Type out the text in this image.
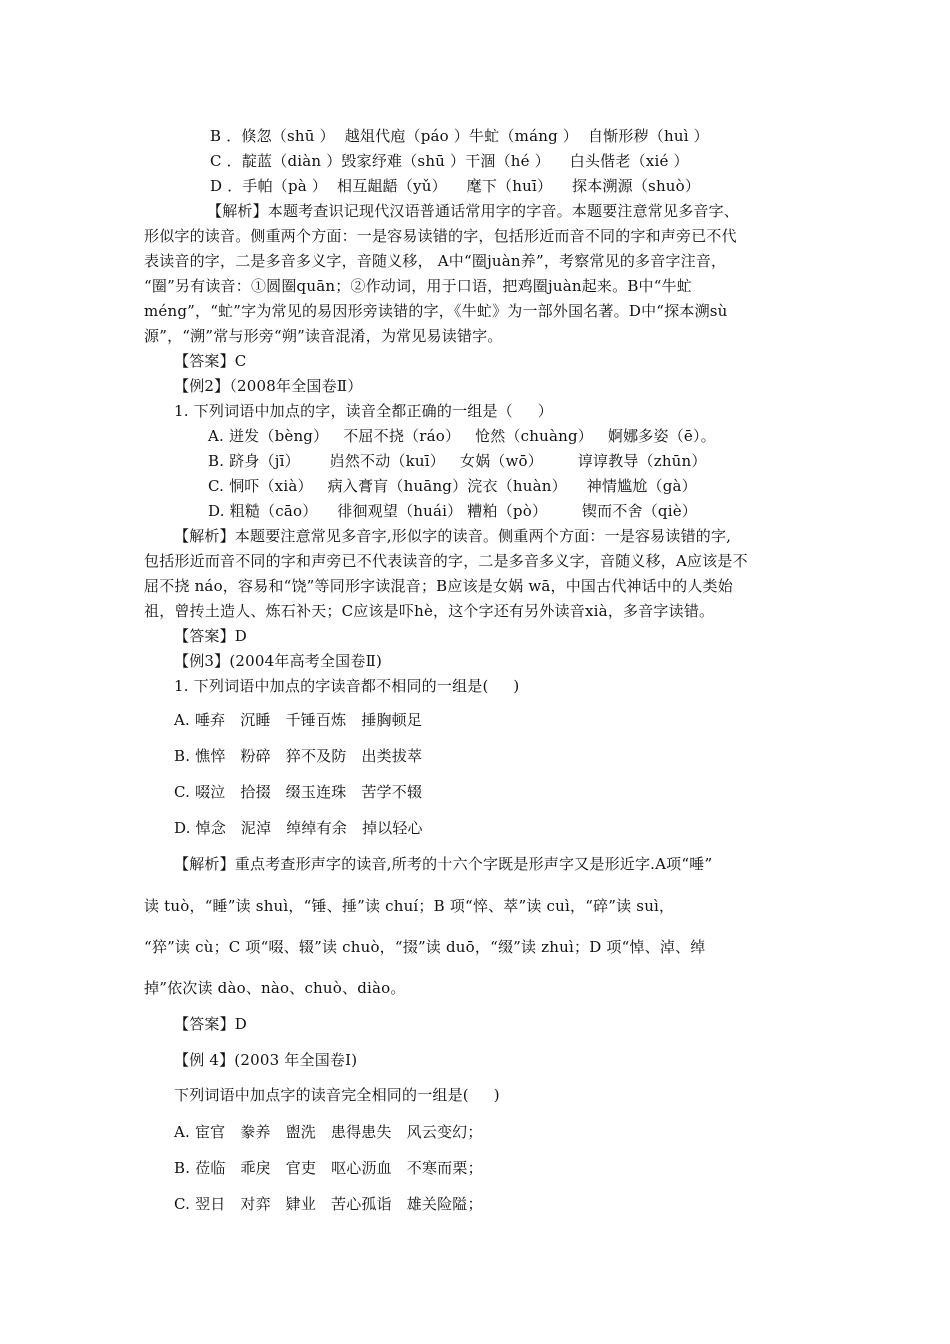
B ．倏忽（shū ）  越俎代庖（páo ）牛虻（máng ）  自惭形秽（huì ）
C ．靛蓝（diàn ）毁家纾难（shū ）干涸（hé ）    白头偕老（xié ）
D ．手帕（pà ）  相互龃龉（yǔ）    麾下（huī）    探本溯源（shuò）
【解析】本题考查识记现代汉语普通话常用字的字音。本题要注意常见多音字、
形似字的读音。侧重两个方面：一是容易读错的字，包括形近而音不同的字和声旁已不代
表读音的字，二是多音多义字，音随义移， A中“圈juàn养”，考察常见的多音字注音，
“圈”另有读音：①圆圈quān；②作动词，用于口语，把鸡圈juàn起来。B中“牛虻
méng”，“虻”字为常见的易因形旁读错的字，《牛虻》为一部外国名著。D中“探本溯sù
源”，“溯”常与形旁“朔”读音混淆，为常见易读错字。
【答案】C
【例2】（2008年全国卷Ⅱ）
1. 下列词语中加点的字，读音全都正确的一组是（     ）
A. 迸发（bèng）   不屈不挠（ráo）   怆然（chuàng）   婀娜多姿（ē）。
B. 跻身（jī）      岿然不动（kuī）   女娲（wō）       谆谆教导（zhūn）
C. 恫吓（xià）   病入膏肓（huāng）浣衣（huàn）    神情尴尬（gà）
D. 粗糙（cāo）    徘徊观望（huái） 糟粕（pò）       锲而不舍（qiè）
【解析】本题要注意常见多音字,形似字的读音。侧重两个方面：一是容易读错的字,
包括形近而音不同的字和声旁已不代表读音的字，二是多音多义字，音随义移，A应该是不
屈不挠 náo，容易和“饶”等同形字读混音；B应该是女娲 wā，中国古代神话中的人类始
祖，曾抟土造人、炼石补天；C应该是吓hè，这个字还有另外读音xià，多音字读错。
【答案】D
【例3】(2004年高考全国卷Ⅱ)
1. 下列词语中加点的字读音都不相同的一组是(     )
A. 唾弃   沉睡   千锤百炼   捶胸顿足
B. 憔悴   粉碎   猝不及防   出类拔萃
C. 啜泣   拾掇   缀玉连珠   苦学不辍
D. 悼念   泥淖   绰绰有余   掉以轻心
【解析】重点考查形声字的读音,所考的十六个字既是形声字又是形近字.A项“唾”
读 tuò，“睡”读 shuì，“锤、捶”读 chuí；B 项“悴、萃”读 cuì，“碎”读 suì，
“猝”读 cù；C 项“啜、辍”读 chuò，“掇”读 duō，“缀”读 zhuì；D 项“悼、淖、绰
掉”依次读 dào、nào、chuò、diào。
【答案】D
【例 4】(2003 年全国卷Ⅰ)
下列词语中加点字的读音完全相同的一组是(     )
A. 宦官   豢养   盥洗   患得患失   风云变幻；
B. 莅临   乖戾   官吏   呕心沥血   不寒而栗；
C. 翌日   对弈   肄业   苦心孤诣   雄关险隘；
